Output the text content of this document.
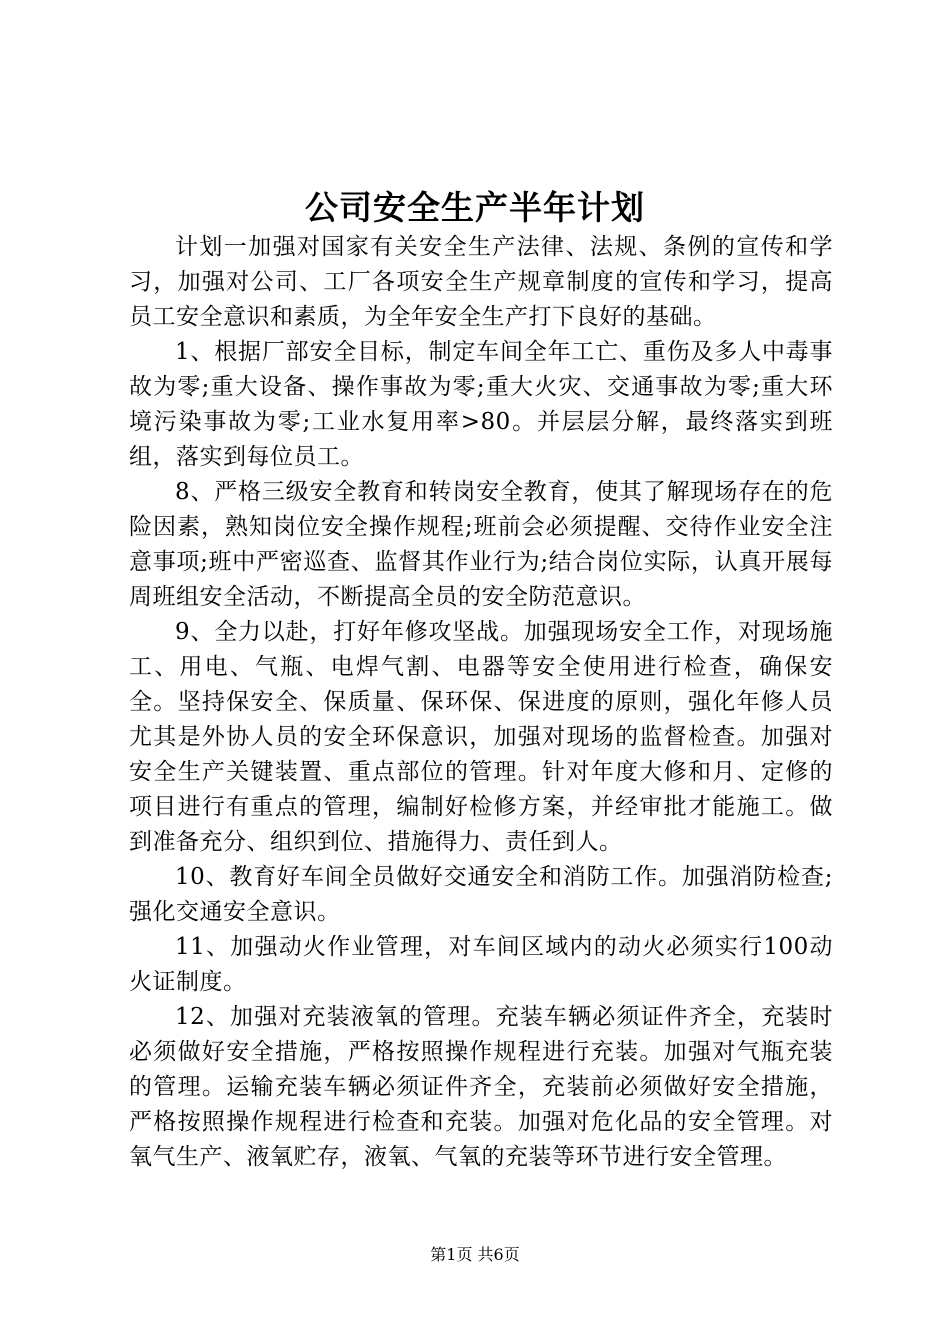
公司安全生产半年计划

计划一加强对国家有关安全生产法律、法规、条例的宣传和学习，加强对公司、工厂各项安全生产规章制度的宣传和学习，提高员工安全意识和素质，为全年安全生产打下良好的基础。

1、根据厂部安全目标，制定车间全年工亡、重伤及多人中毒事故为零;重大设备、操作事故为零;重大火灾、交通事故为零;重大环境污染事故为零;工业水复用率>80。并层层分解，最终落实到班组，落实到每位员工。

8、严格三级安全教育和转岗安全教育，使其了解现场存在的危险因素，熟知岗位安全操作规程;班前会必须提醒、交待作业安全注意事项;班中严密巡查、监督其作业行为;结合岗位实际，认真开展每周班组安全活动，不断提高全员的安全防范意识。

9、全力以赴，打好年修攻坚战。加强现场安全工作，对现场施工、用电、气瓶、电焊气割、电器等安全使用进行检查，确保安全。坚持保安全、保质量、保环保、保进度的原则，强化年修人员尤其是外协人员的安全环保意识，加强对现场的监督检查。加强对安全生产关键装置、重点部位的管理。针对年度大修和月、定修的项目进行有重点的管理，编制好检修方案，并经审批才能施工。做到准备充分、组织到位、措施得力、责任到人。

10、教育好车间全员做好交通安全和消防工作。加强消防检查;强化交通安全意识。

11、加强动火作业管理，对车间区域内的动火必须实行100动火证制度。

12、加强对充装液氧的管理。充装车辆必须证件齐全，充装时必须做好安全措施，严格按照操作规程进行充装。加强对气瓶充装的管理。运输充装车辆必须证件齐全，充装前必须做好安全措施，严格按照操作规程进行检查和充装。加强对危化品的安全管理。对氧气生产、液氧贮存，液氧、气氧的充装等环节进行安全管理。

第1页 共6页
